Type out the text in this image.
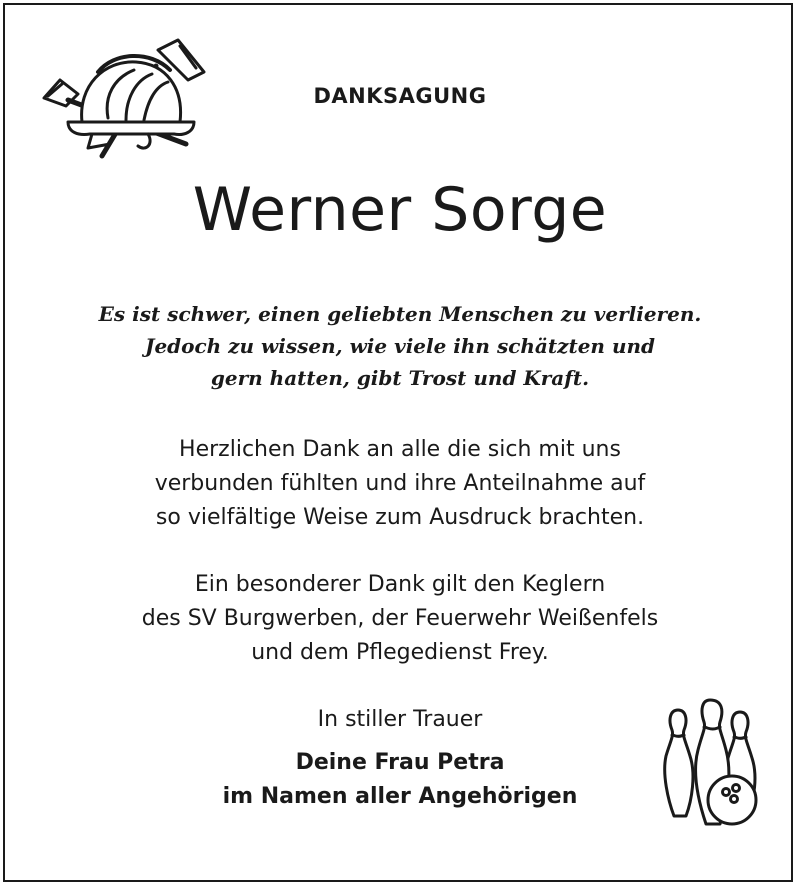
DANKSAGUNG
Werner Sorge
Es ist schwer, einen geliebten Menschen zu verlieren.
Jedoch zu wissen, wie viele ihn schätzten und
gern hatten, gibt Trost und Kraft.
Herzlichen Dank an alle die sich mit uns
verbunden fühlten und ihre Anteilnahme auf
so vielfältige Weise zum Ausdruck brachten.
Ein besonderer Dank gilt den Keglern
des SV Burgwerben, der Feuerwehr Weißenfels
und dem Pflegedienst Frey.
In stiller Trauer
Deine Frau Petra
im Namen aller Angehörigen
